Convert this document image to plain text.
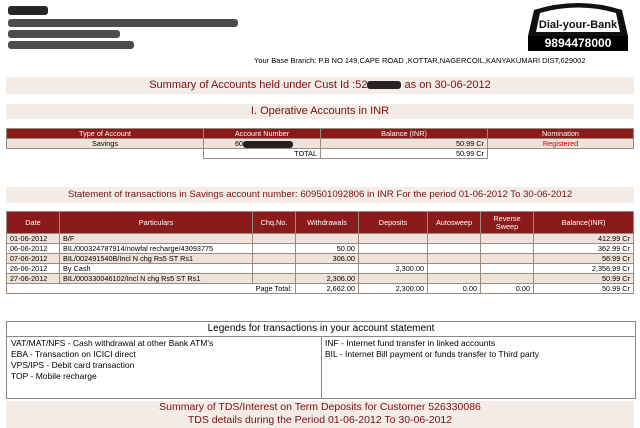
Dial-your-Bank
9894478000
Your Base Branch: P.B NO 149,CAPE ROAD ,KOTTAR,NAGERCOIL,KANYAKUMARI DIST,629002
Summary of Accounts held under Cust Id :52	as on 30-06-2012
I. Operative Accounts in INR
Type of Account	Account Number	Balance (INR)	Nomination
Savings	60	50.99 Cr	Registered
	TOTAL	50.99 Cr	
Statement of transactions in Savings account number: 609501092806 in INR For the period 01-06-2012 To 30-06-2012
Date	Particulars	Chq.No.	Withdrawals	Deposits	Autosweep	Reverse Sweep	Balance(INR)
01-06-2012	B/F						412.99 Cr
06-06-2012	BIL/000324787914/nowfal recharge/43093775		50.00				362.99 Cr
07-06-2012	BIL/002491540B/Incl N chg Rs5 ST Rs1		306.00				56.99 Cr
26-06-2012	By Cash			2,300.00			2,356.99 Cr
27-06-2012	BIL/000330046102/Incl N chg Rs5 ST Rs1		2,306.00				50.99 Cr
Page Total:			2,662.00	2,300.00	0.00	0.00	50.99 Cr
Legends for transactions in your account statement
VAT/MAT/NFS - Cash withdrawal at other Bank ATM's
EBA - Transaction on ICICI direct
VPS/IPS - Debit card transaction
TOP - Mobile recharge
INF - Internet fund transfer in linked accounts
BIL - Internet Bill payment or funds transfer to Third party
Summary of TDS/Interest on Term Deposits for Customer 526330086
TDS details during the Period 01-06-2012 To 30-06-2012
